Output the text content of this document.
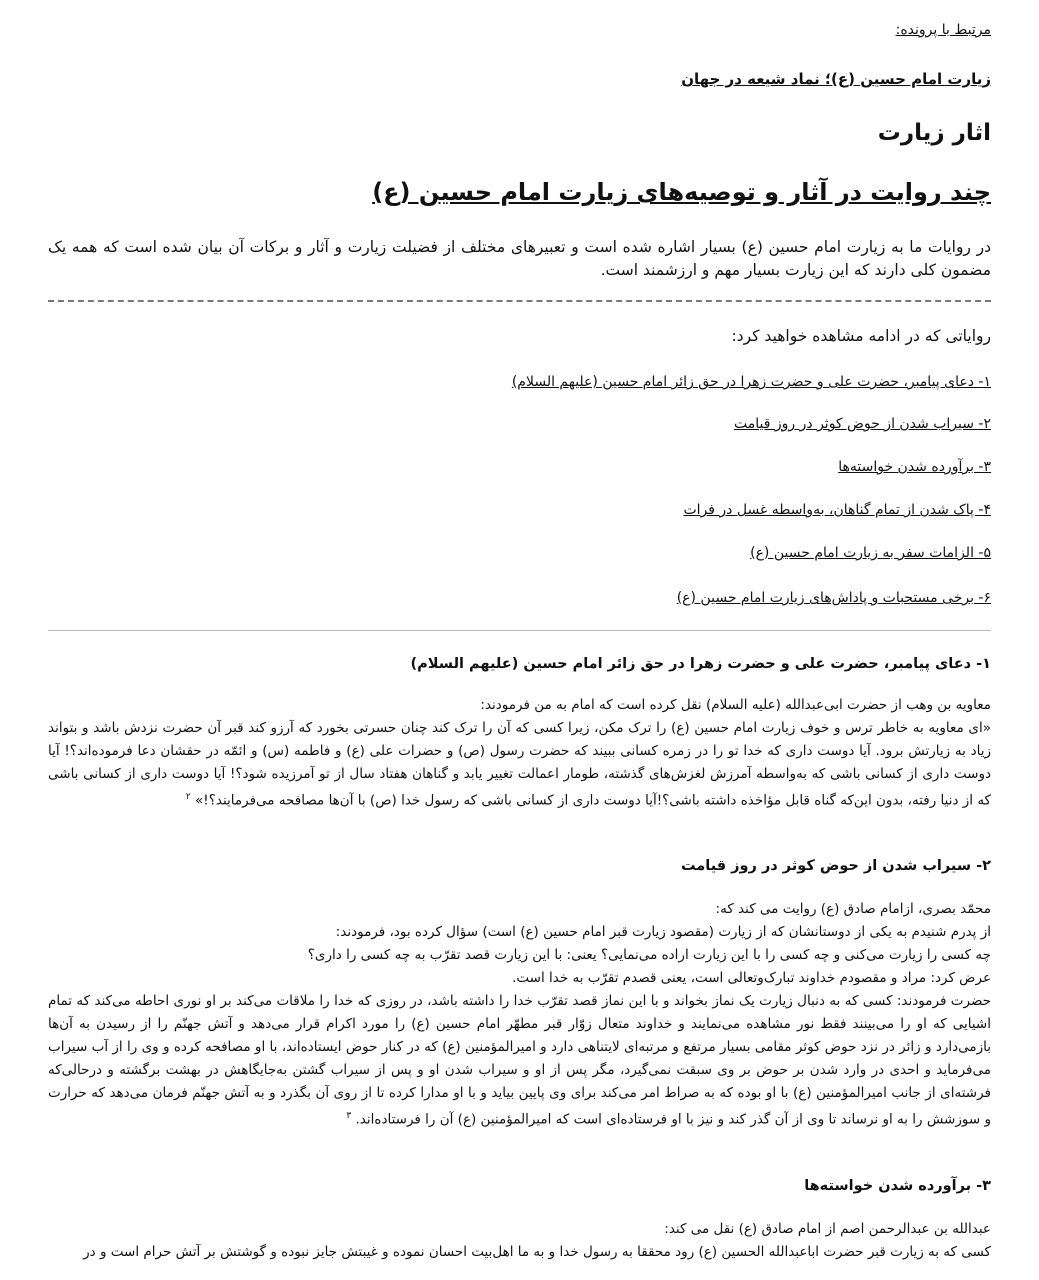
مرتبط با پرونده:

زیارت امام حسین (ع)؛ نماد شیعه در جهان

اثار زیارت
چند روایت در آثار و توصیه‌های زیارت امام حسین (ع)

در روایات ما به زیارت امام حسین (ع) بسیار اشاره شده است و تعبیرهای مختلف از فضیلت زیارت و آثار و برکات آن بیان شده است که همه یک مضمون کلی دارند که این زیارت بسیار مهم و ارزشمند است.

روایاتی که در ادامه مشاهده خواهید کرد:

۱- دعای پیامبر، حضرت علی و حضرت زهرا در حق زائر امام حسین (علیهم السلام)

۲- سیراب شدن از حوض کوثر در روز قیامت

۳- برآورده شدن خواسته‌ها

۴- پاک شدن از تمام گناهان، به‌واسطه غسل در فرات

۵- الزامات سفر به زیارت امام حسین (ع)

۶- برخی مستحبات و پاداش‌های زیارت امام حسین (ع)

۱- دعای پیامبر، حضرت علی و حضرت زهرا در حق زائر امام حسین (علیهم السلام)

معاویه بن وهب از حضرت ابی‌عبدالله (علیه السلام) نقل کرده است که امام به من فرمودند:

«ای معاویه به خاطر ترس و خوف زیارت امام حسین (ع) را ترک مکن، زیرا کسی که آن را ترک کند چنان حسرتی بخورد که آرزو کند قبر آن حضرت نزدش باشد و بتواند زیاد به زیارتش برود. آیا دوست داری که خدا تو را در زمره کسانی ببیند که حضرت رسول (ص) و حضرات علی (ع) و فاطمه (س) و ائمّه در حقشان دعا فرموده‌اند؟! آیا دوست داری از کسانی باشی که به‌واسطه آمرزش لغزش‌های گذشته، طومار اعمالت تغییر یابد و گناهان هفتاد سال از تو آمرزیده شود؟! آیا دوست داری از کسانی باشی که از دنیا رفته، بدون این‌که گناه قابل مؤاخذه داشته باشی؟!آیا دوست داری از کسانی باشی که رسول خدا (ص) با آن‌ها مصافحه می‌فرمایند؟!» $^۲$

۲- سیراب شدن از حوض کوثر در روز قیامت

محمّد بصری، ازامام صادق (ع) روایت می کند که:

از پدرم شنیدم به یکی از دوستانشان که از زیارت (مقصود زیارت قبر امام حسین (ع) است) سؤال کرده بود، فرمودند:

چه کسی را زیارت می‌کنی و چه کسی را با این زیارت اراده می‌نمایی؟ یعنی: با این زیارت قصد تقرّب به چه کسی را داری؟

عرض کرد: مراد و مقصودم خداوند تبارک‌وتعالی است، یعنی قصدم تقرّب به خدا است.

حضرت فرمودند: کسی که به دنبال زیارت یک نماز بخواند و با این نماز قصد تقرّب خدا را داشته باشد، در روزی که خدا را ملاقات می‌کند بر او نوری احاطه می‌کند که تمام اشیایی که او را می‌بینند فقط نور مشاهده می‌نمایند و خداوند متعال زوّار قبر مطهّر امام حسین (ع) را مورد اکرام قرار می‌دهد و آتش جهنّم را از رسیدن به آن‌ها بازمی‌دارد و زائر در نزد حوض کوثر مقامی بسیار مرتفع و مرتبه‌ای لایتناهی دارد و امیرالمؤمنین (ع) که در کنار حوض ایستاده‌اند، با او مصافحه کرده و وی را از آب سیراب می‌فرماید و احدی در وارد شدن بر حوض بر وی سبقت نمی‌گیرد، مگر پس از او و سیراب شدن او و پس از سیراب گشتن به‌جایگاهش در بهشت برگشته و درحالی‌که فرشته‌ای از جانب امیرالمؤمنین (ع) با او بوده که به صراط امر می‌کند برای وی پایین بیاید و با او مدارا کرده تا از روی آن بگذرد و به آتش جهنّم فرمان می‌دهد که حرارت و سوزشش را به او نرساند تا وی از آن گذر کند و نیز با او فرستاده‌ای است که امیرالمؤمنین (ع) آن را فرستاده‌اند. $^۳$

۳- برآورده شدن خواسته‌ها

عبدالله بن عبدالرحمن اصم از امام صادق (ع) نقل می کند:

کسی که به زیارت قبر حضرت اباعبدالله الحسین (ع) رود محققا به رسول خدا و به ما اهل‌بیت احسان نموده و غیبتش جایز نبوده و گوشتش بر آتش حرام است و در
